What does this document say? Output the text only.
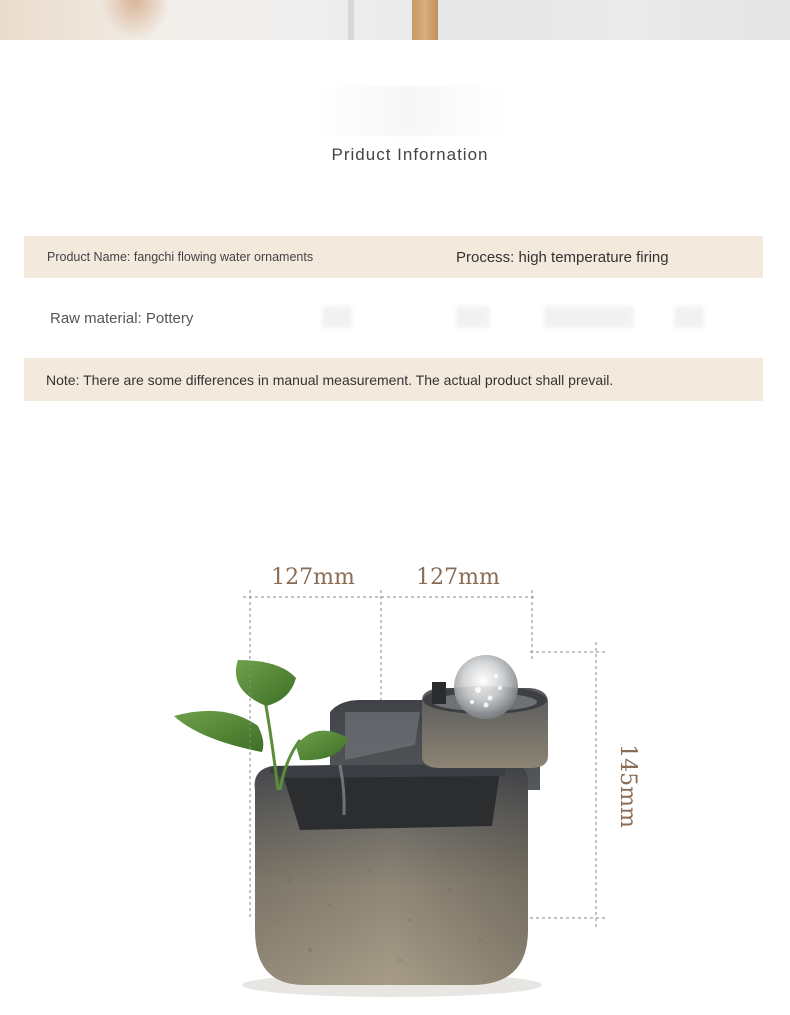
Priduct Infornation
Product Name: fangchi flowing water ornaments	Process: high temperature firing
Raw material: Pottery
Note: There are some differences in manual measurement. The actual product shall prevail.
127mm	127mm
145mm
